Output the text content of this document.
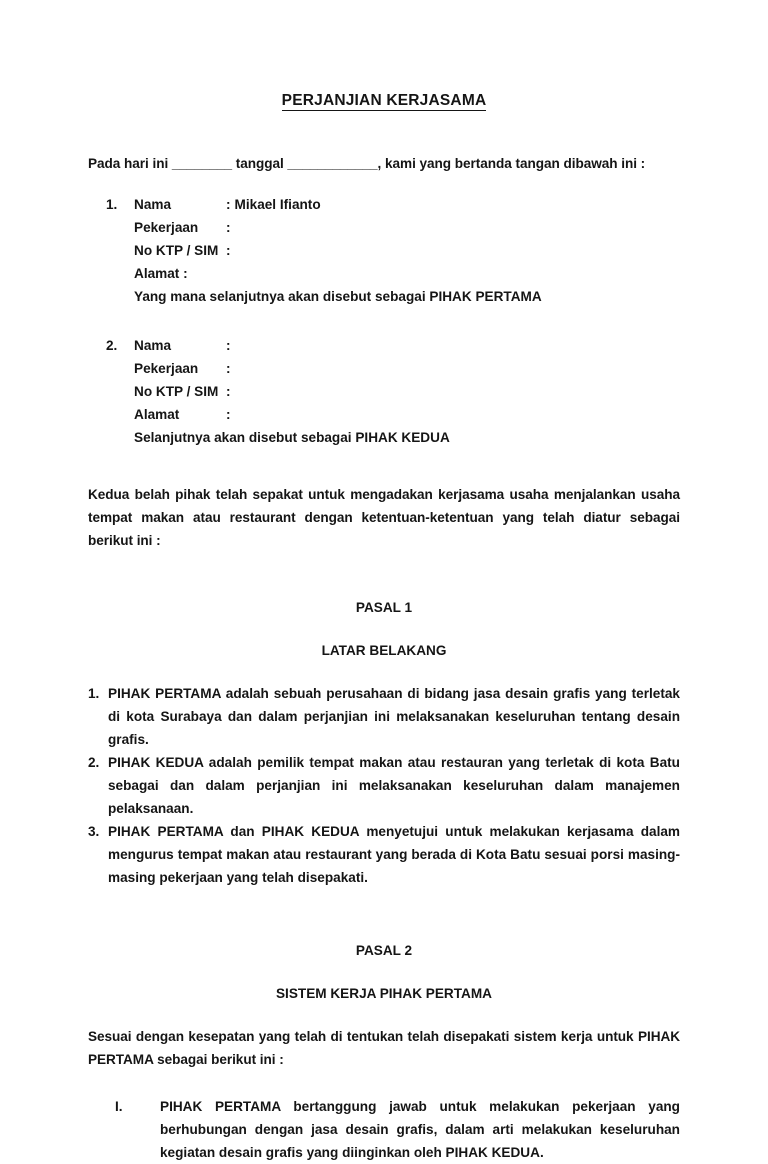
PERJANJIAN KERJASAMA
Pada hari ini ________ tanggal ____________, kami yang bertanda tangan dibawah ini :
1.	Nama	: Mikael Ifianto
Pekerjaan	:
No KTP / SIM :
Alamat :
Yang mana selanjutnya akan disebut sebagai PIHAK PERTAMA
2.	Nama	:
Pekerjaan	:
No KTP / SIM :
Alamat	:
Selanjutnya akan disebut sebagai PIHAK KEDUA
Kedua belah pihak telah sepakat untuk mengadakan kerjasama usaha menjalankan usaha tempat makan atau restaurant dengan ketentuan-ketentuan yang telah diatur sebagai berikut ini :
PASAL 1
LATAR BELAKANG
1. PIHAK PERTAMA adalah sebuah perusahaan di bidang jasa desain grafis yang terletak di kota Surabaya dan dalam perjanjian ini melaksanakan keseluruhan tentang desain grafis.
2. PIHAK KEDUA adalah pemilik tempat makan atau restauran yang terletak di kota Batu sebagai dan dalam perjanjian ini melaksanakan keseluruhan dalam manajemen pelaksanaan.
3. PIHAK PERTAMA dan PIHAK KEDUA menyetujui untuk melakukan kerjasama dalam mengurus tempat makan atau restaurant yang berada di Kota Batu sesuai porsi masing-masing pekerjaan yang telah disepakati.
PASAL 2
SISTEM KERJA PIHAK PERTAMA
Sesuai dengan kesepatan yang telah di tentukan telah disepakati sistem kerja untuk PIHAK PERTAMA sebagai berikut ini :
I.	PIHAK PERTAMA bertanggung jawab untuk melakukan pekerjaan yang berhubungan dengan jasa desain grafis, dalam arti melakukan keseluruhan kegiatan desain grafis yang diinginkan oleh PIHAK KEDUA.
